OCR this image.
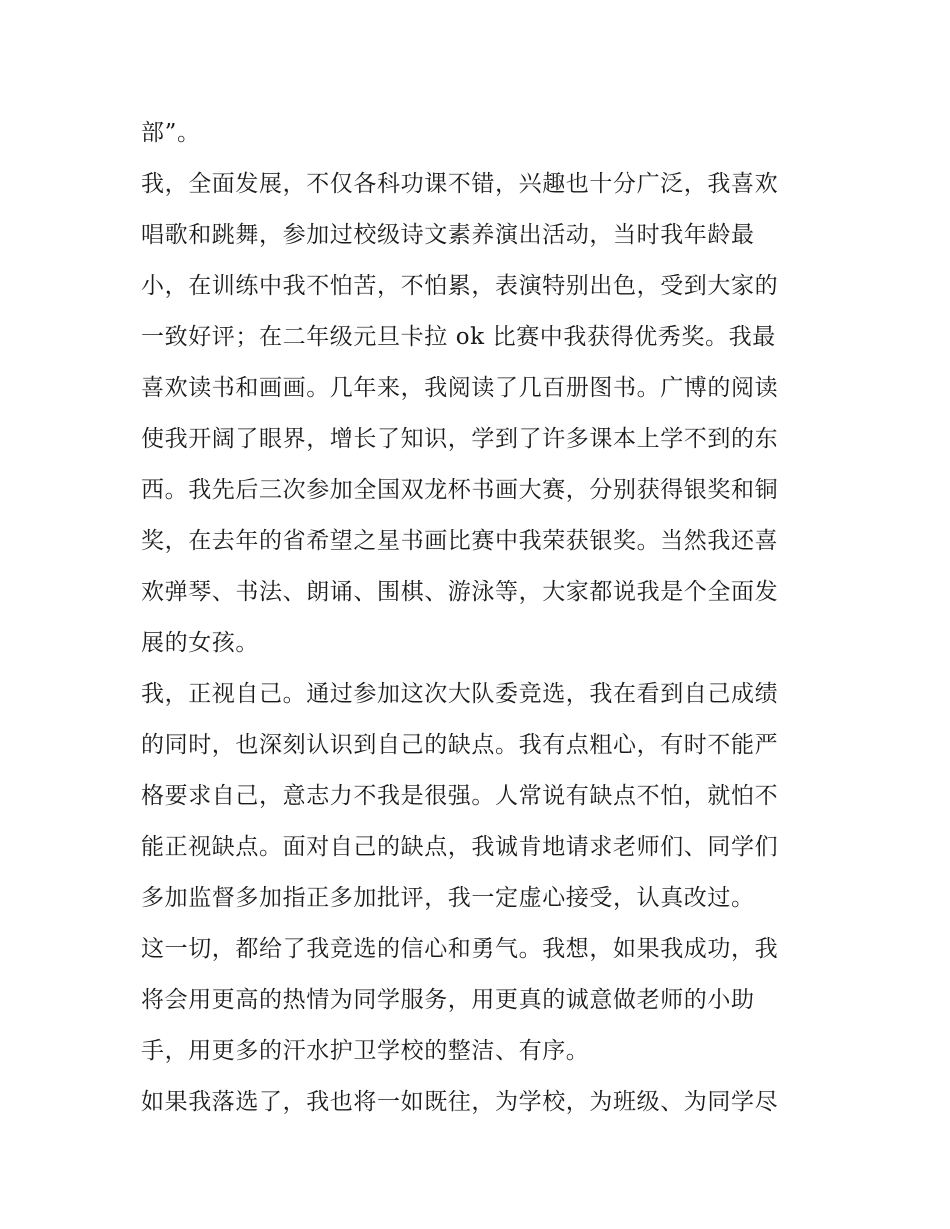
部”。
我，全面发展，不仅各科功课不错，兴趣也十分广泛，我喜欢
唱歌和跳舞，参加过校级诗文素养演出活动，当时我年龄最
小，在训练中我不怕苦，不怕累，表演特别出色，受到大家的
一致好评；在二年级元旦卡拉 ok 比赛中我获得优秀奖。我最
喜欢读书和画画。几年来，我阅读了几百册图书。广博的阅读
使我开阔了眼界，增长了知识，学到了许多课本上学不到的东
西。我先后三次参加全国双龙杯书画大赛，分别获得银奖和铜
奖，在去年的省希望之星书画比赛中我荣获银奖。当然我还喜
欢弹琴、书法、朗诵、围棋、游泳等，大家都说我是个全面发
展的女孩。
我，正视自己。通过参加这次大队委竞选，我在看到自己成绩
的同时，也深刻认识到自己的缺点。我有点粗心，有时不能严
格要求自己，意志力不我是很强。人常说有缺点不怕，就怕不
能正视缺点。面对自己的缺点，我诚肯地请求老师们、同学们
多加监督多加指正多加批评，我一定虚心接受，认真改过。
这一切，都给了我竞选的信心和勇气。我想，如果我成功，我
将会用更高的热情为同学服务，用更真的诚意做老师的小助
手，用更多的汗水护卫学校的整洁、有序。
如果我落选了，我也将一如既往，为学校，为班级、为同学尽
